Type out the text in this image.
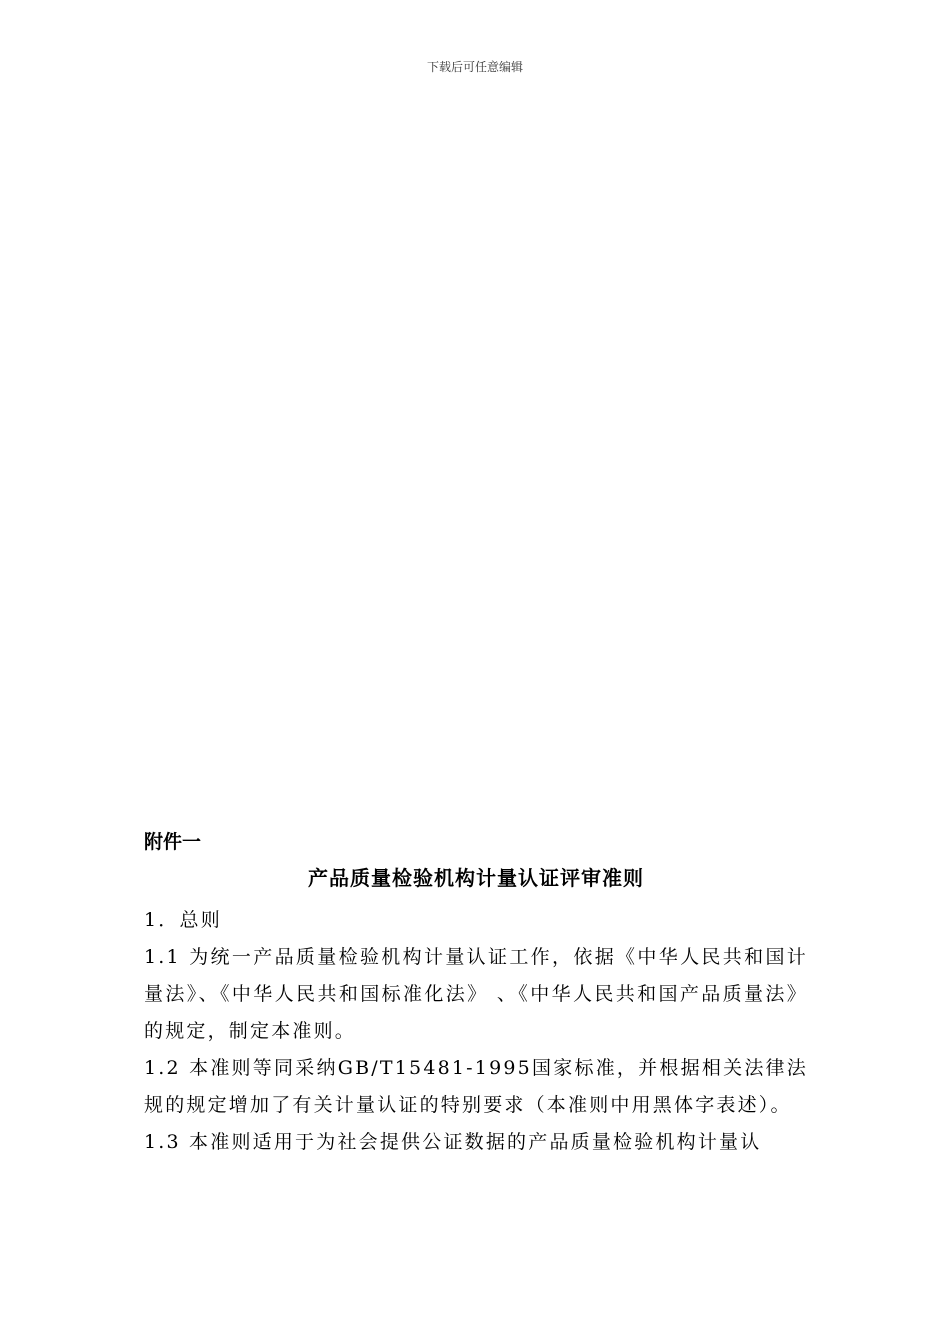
下载后可任意编辑

附件一

产品质量检验机构计量认证评审准则

1．总则

1.1 为统一产品质量检验机构计量认证工作，依据《中华人民共和国计量法》、《中华人民共和国标准化法》 、《中华人民共和国产品质量法》的规定，制定本准则。

1.2 本准则等同采纳GB/T15481-1995国家标准，并根据相关法律法规的规定增加了有关计量认证的特别要求（本准则中用黑体字表述）。

1.3 本准则适用于为社会提供公证数据的产品质量检验机构计量认
